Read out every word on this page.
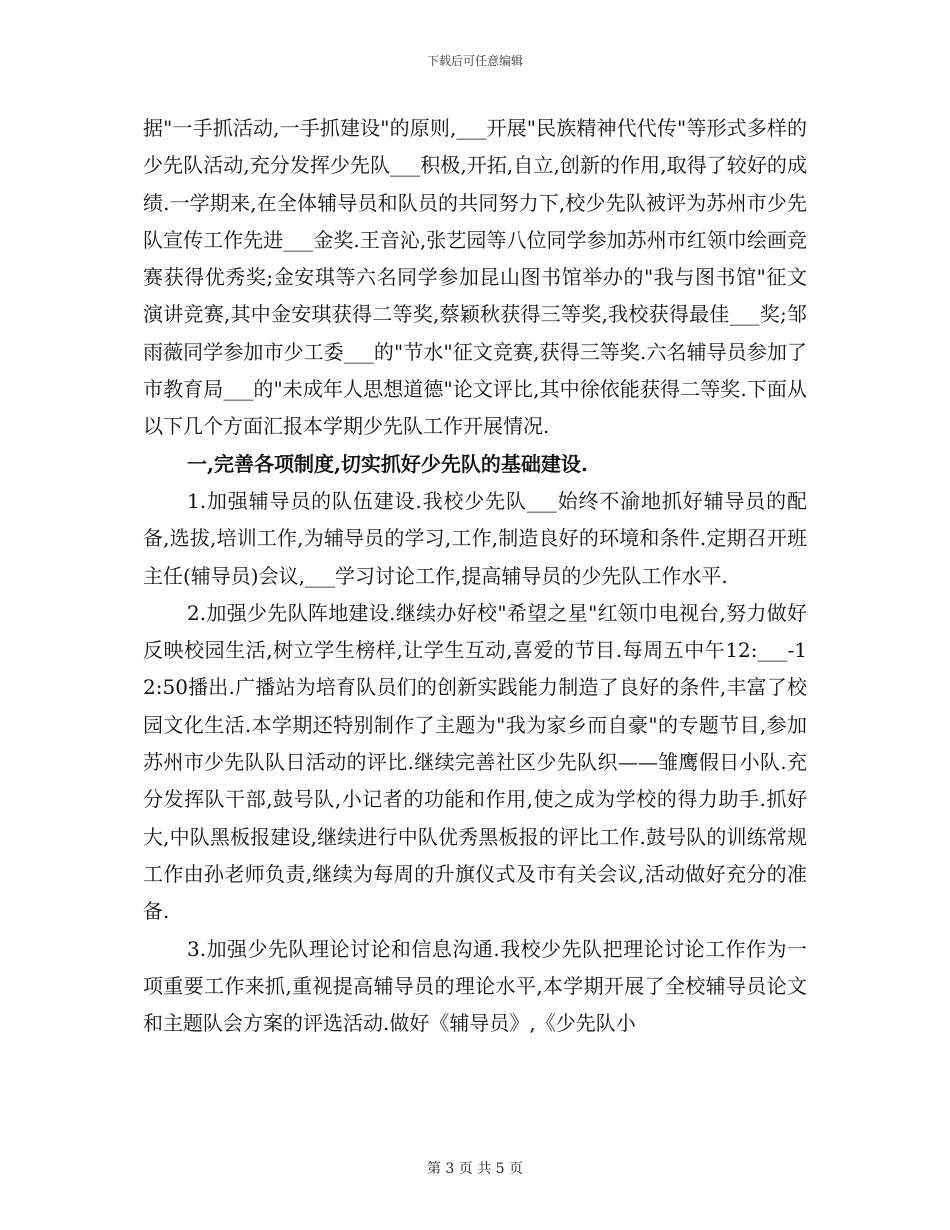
下载后可任意编辑

据"一手抓活动,一手抓建设"的原则,___开展"民族精神代代传"等形式多样的少先队活动,充分发挥少先队___积极,开拓,自立,创新的作用,取得了较好的成绩.一学期来,在全体辅导员和队员的共同努力下,校少先队被评为苏州市少先队宣传工作先进___金奖.王音沁,张艺园等八位同学参加苏州市红领巾绘画竞赛获得优秀奖;金安琪等六名同学参加昆山图书馆举办的"我与图书馆"征文演讲竞赛,其中金安琪获得二等奖,蔡颖秋获得三等奖,我校获得最佳___奖;邹雨薇同学参加市少工委___的"节水"征文竞赛,获得三等奖.六名辅导员参加了市教育局___的"未成年人思想道德"论文评比,其中徐依能获得二等奖.下面从以下几个方面汇报本学期少先队工作开展情况.

一,完善各项制度,切实抓好少先队的基础建设.

1.加强辅导员的队伍建设.我校少先队___始终不渝地抓好辅导员的配备,选拔,培训工作,为辅导员的学习,工作,制造良好的环境和条件.定期召开班主任(辅导员)会议,___学习讨论工作,提高辅导员的少先队工作水平.

2.加强少先队阵地建设.继续办好校"希望之星"红领巾电视台,努力做好反映校园生活,树立学生榜样,让学生互动,喜爱的节目.每周五中午12:___-12:50播出.广播站为培育队员们的创新实践能力制造了良好的条件,丰富了校园文化生活.本学期还特别制作了主题为"我为家乡而自豪"的专题节目,参加苏州市少先队队日活动的评比.继续完善社区少先队织——雏鹰假日小队.充分发挥队干部,鼓号队,小记者的功能和作用,使之成为学校的得力助手.抓好大,中队黑板报建设,继续进行中队优秀黑板报的评比工作.鼓号队的训练常规工作由孙老师负责,继续为每周的升旗仪式及市有关会议,活动做好充分的准备.

3.加强少先队理论讨论和信息沟通.我校少先队把理论讨论工作作为一项重要工作来抓,重视提高辅导员的理论水平,本学期开展了全校辅导员论文和主题队会方案的评选活动.做好《辅导员》,《少先队小

第 3 页 共 5 页
